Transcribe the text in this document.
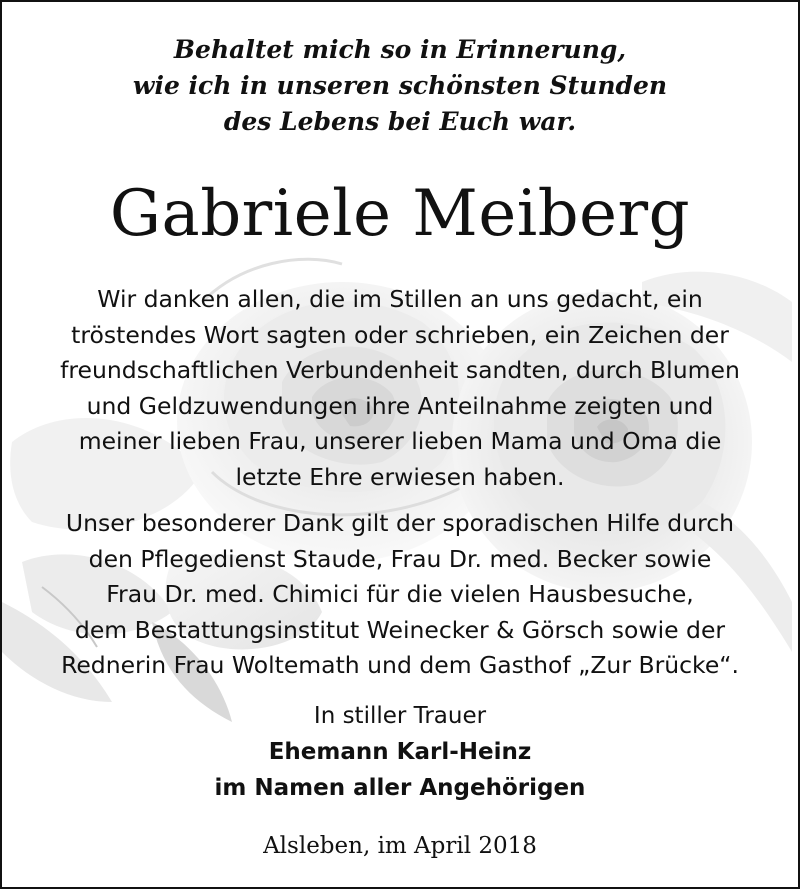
Behaltet mich so in Erinnerung,
wie ich in unseren schönsten Stunden
des Lebens bei Euch war.
Gabriele Meiberg
Wir danken allen, die im Stillen an uns gedacht, ein
tröstendes Wort sagten oder schrieben, ein Zeichen der
freundschaftlichen Verbundenheit sandten, durch Blumen
und Geldzuwendungen ihre Anteilnahme zeigten und
meiner lieben Frau, unserer lieben Mama und Oma die
letzte Ehre erwiesen haben.
Unser besonderer Dank gilt der sporadischen Hilfe durch
den Pflegedienst Staude, Frau Dr. med. Becker sowie
Frau Dr. med. Chimici für die vielen Hausbesuche,
dem Bestattungsinstitut Weinecker & Görsch sowie der
Rednerin Frau Woltemath und dem Gasthof „Zur Brücke“.
In stiller Trauer
Ehemann Karl-Heinz
im Namen aller Angehörigen
Alsleben, im April 2018
